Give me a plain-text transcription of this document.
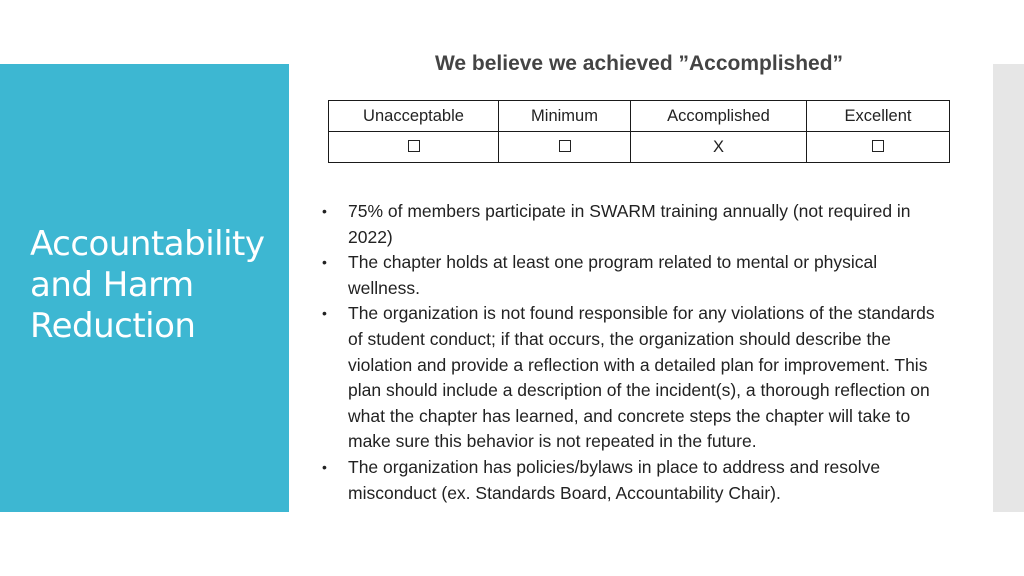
Accountability and Harm Reduction
We believe we achieved ”Accomplished”
Unacceptable	Minimum	Accomplished	Excellent
		X	
•	75% of members participate in SWARM training annually (not required in 2022)
•	The chapter holds at least one program related to mental or physical wellness.
•	The organization is not found responsible for any violations of the standards of student conduct; if that occurs, the organization should describe the violation and provide a reflection with a detailed plan for improvement. This plan should include a description of the incident(s), a thorough reflection on what the chapter has learned, and concrete steps the chapter will take to make sure this behavior is not repeated in the future.
•	The organization has policies/bylaws in place to address and resolve misconduct (ex. Standards Board, Accountability Chair).
